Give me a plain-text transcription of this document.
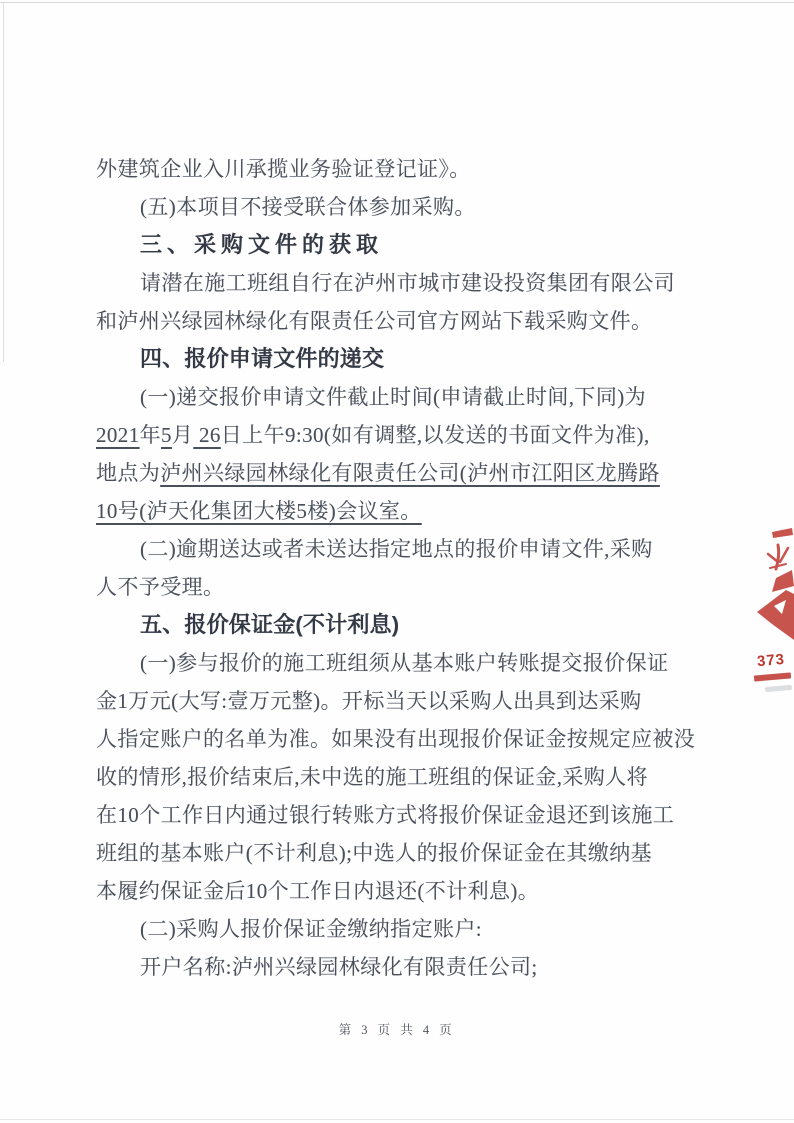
外建筑企业入川承揽业务验证登记证》。
(五)本项目不接受联合体参加采购。
三、采购文件的获取
请潜在施工班组自行在泸州市城市建设投资集团有限公司
和泸州兴绿园林绿化有限责任公司官方网站下载采购文件。
四、报价申请文件的递交
(一)递交报价申请文件截止时间(申请截止时间,下同)为
2021年5月 26日上午9:30(如有调整,以发送的书面文件为准),
地点为泸州兴绿园林绿化有限责任公司(泸州市江阳区龙腾路
10号(泸天化集团大楼5楼)会议室。
(二)逾期送达或者未送达指定地点的报价申请文件,采购
人不予受理。
五、报价保证金(不计利息)
(一)参与报价的施工班组须从基本账户转账提交报价保证
金1万元(大写:壹万元整)。开标当天以采购人出具到达采购
人指定账户的名单为准。如果没有出现报价保证金按规定应被没
收的情形,报价结束后,未中选的施工班组的保证金,采购人将
在10个工作日内通过银行转账方式将报价保证金退还到该施工
班组的基本账户(不计利息);中选人的报价保证金在其缴纳基
本履约保证金后10个工作日内退还(不计利息)。
(二)采购人报价保证金缴纳指定账户:
开户名称:泸州兴绿园林绿化有限责任公司;
373
第 3 页 共 4 页
